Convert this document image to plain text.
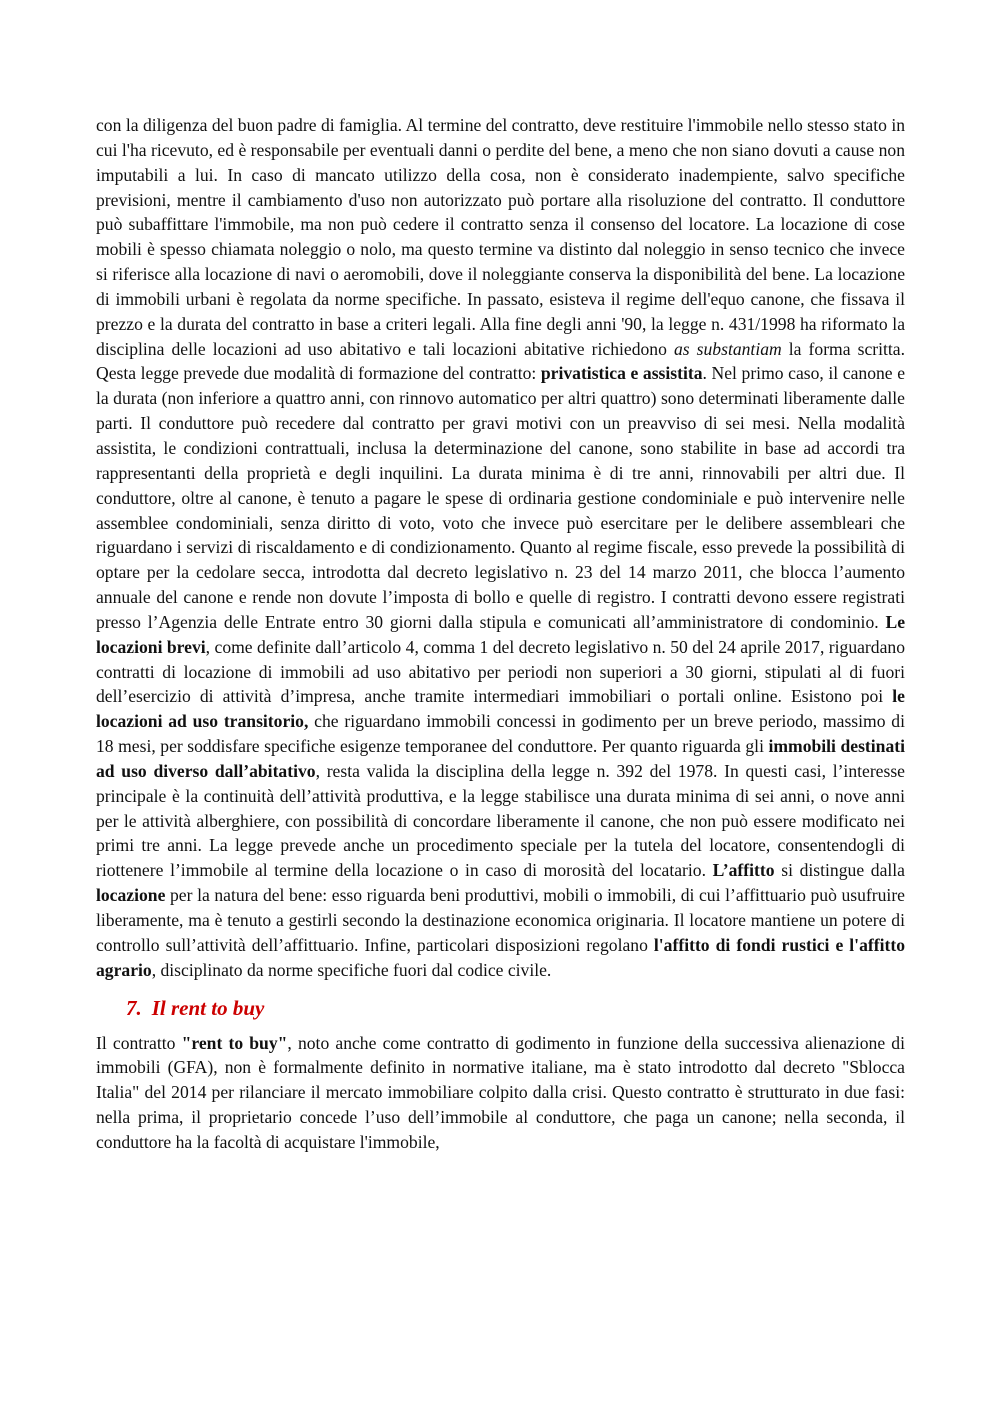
con la diligenza del buon padre di famiglia. Al termine del contratto, deve restituire l'immobile nello stesso stato in cui l'ha ricevuto, ed è responsabile per eventuali danni o perdite del bene, a meno che non siano dovuti a cause non imputabili a lui. In caso di mancato utilizzo della cosa, non è considerato inadempiente, salvo specifiche previsioni, mentre il cambiamento d'uso non autorizzato può portare alla risoluzione del contratto. Il conduttore può subaffittare l'immobile, ma non può cedere il contratto senza il consenso del locatore. La locazione di cose mobili è spesso chiamata noleggio o nolo, ma questo termine va distinto dal noleggio in senso tecnico che invece si riferisce alla locazione di navi o aeromobili, dove il noleggiante conserva la disponibilità del bene. La locazione di immobili urbani è regolata da norme specifiche. In passato, esisteva il regime dell'equo canone, che fissava il prezzo e la durata del contratto in base a criteri legali. Alla fine degli anni '90, la legge n. 431/1998 ha riformato la disciplina delle locazioni ad uso abitativo e tali locazioni abitative richiedono as substantiam la forma scritta. Qesta legge prevede due modalità di formazione del contratto: privatistica e assistita. Nel primo caso, il canone e la durata (non inferiore a quattro anni, con rinnovo automatico per altri quattro) sono determinati liberamente dalle parti. Il conduttore può recedere dal contratto per gravi motivi con un preavviso di sei mesi. Nella modalità assistita, le condizioni contrattuali, inclusa la determinazione del canone, sono stabilite in base ad accordi tra rappresentanti della proprietà e degli inquilini. La durata minima è di tre anni, rinnovabili per altri due. Il conduttore, oltre al canone, è tenuto a pagare le spese di ordinaria gestione condominiale e può intervenire nelle assemblee condominiali, senza diritto di voto, voto che invece può esercitare per le delibere assembleari che riguardano i servizi di riscaldamento e di condizionamento. Quanto al regime fiscale, esso prevede la possibilità di optare per la cedolare secca, introdotta dal decreto legislativo n. 23 del 14 marzo 2011, che blocca l’aumento annuale del canone e rende non dovute l’imposta di bollo e quelle di registro. I contratti devono essere registrati presso l’Agenzia delle Entrate entro 30 giorni dalla stipula e comunicati all’amministratore di condominio. Le locazioni brevi, come definite dall’articolo 4, comma 1 del decreto legislativo n. 50 del 24 aprile 2017, riguardano contratti di locazione di immobili ad uso abitativo per periodi non superiori a 30 giorni, stipulati al di fuori dell’esercizio di attività d’impresa, anche tramite intermediari immobiliari o portali online. Esistono poi le locazioni ad uso transitorio, che riguardano immobili concessi in godimento per un breve periodo, massimo di 18 mesi, per soddisfare specifiche esigenze temporanee del conduttore. Per quanto riguarda gli immobili destinati ad uso diverso dall’abitativo, resta valida la disciplina della legge n. 392 del 1978. In questi casi, l’interesse principale è la continuità dell’attività produttiva, e la legge stabilisce una durata minima di sei anni, o nove anni per le attività alberghiere, con possibilità di concordare liberamente il canone, che non può essere modificato nei primi tre anni. La legge prevede anche un procedimento speciale per la tutela del locatore, consentendogli di riottenere l’immobile al termine della locazione o in caso di morosità del locatario. L’affitto si distingue dalla locazione per la natura del bene: esso riguarda beni produttivi, mobili o immobili, di cui l’affittuario può usufruire liberamente, ma è tenuto a gestirli secondo la destinazione economica originaria. Il locatore mantiene un potere di controllo sull’attività dell’affittuario. Infine, particolari disposizioni regolano l'affitto di fondi rustici e l'affitto agrario, disciplinato da norme specifiche fuori dal codice civile.

7. Il rent to buy

Il contratto "rent to buy", noto anche come contratto di godimento in funzione della successiva alienazione di immobili (GFA), non è formalmente definito in normative italiane, ma è stato introdotto dal decreto "Sblocca Italia" del 2014 per rilanciare il mercato immobiliare colpito dalla crisi. Questo contratto è strutturato in due fasi: nella prima, il proprietario concede l’uso dell’immobile al conduttore, che paga un canone; nella seconda, il conduttore ha la facoltà di acquistare l'immobile,
